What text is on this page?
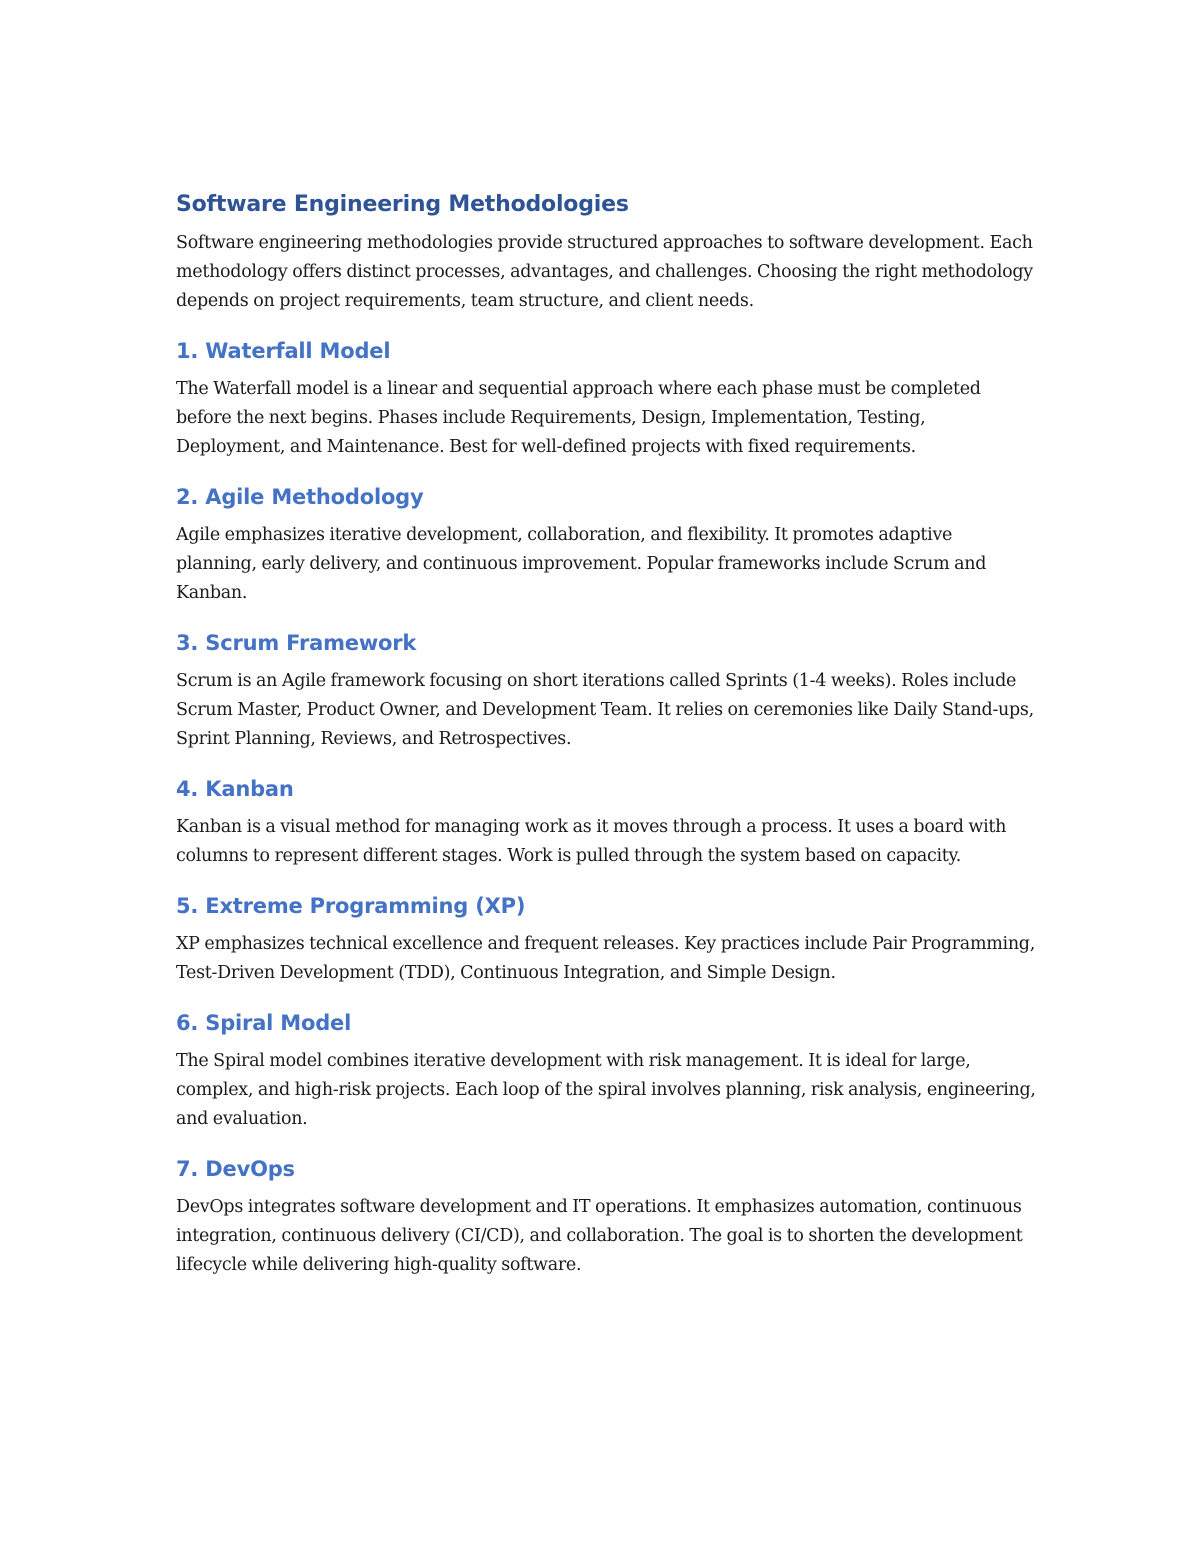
Software Engineering Methodologies

Software engineering methodologies provide structured approaches to software development. Each methodology offers distinct processes, advantages, and challenges. Choosing the right methodology depends on project requirements, team structure, and client needs.

1. Waterfall Model

The Waterfall model is a linear and sequential approach where each phase must be completed before the next begins. Phases include Requirements, Design, Implementation, Testing, Deployment, and Maintenance. Best for well-defined projects with fixed requirements.

2. Agile Methodology

Agile emphasizes iterative development, collaboration, and flexibility. It promotes adaptive planning, early delivery, and continuous improvement. Popular frameworks include Scrum and Kanban.

3. Scrum Framework

Scrum is an Agile framework focusing on short iterations called Sprints (1-4 weeks). Roles include Scrum Master, Product Owner, and Development Team. It relies on ceremonies like Daily Stand-ups, Sprint Planning, Reviews, and Retrospectives.

4. Kanban

Kanban is a visual method for managing work as it moves through a process. It uses a board with columns to represent different stages. Work is pulled through the system based on capacity.

5. Extreme Programming (XP)

XP emphasizes technical excellence and frequent releases. Key practices include Pair Programming, Test-Driven Development (TDD), Continuous Integration, and Simple Design.

6. Spiral Model

The Spiral model combines iterative development with risk management. It is ideal for large, complex, and high-risk projects. Each loop of the spiral involves planning, risk analysis, engineering, and evaluation.

7. DevOps

DevOps integrates software development and IT operations. It emphasizes automation, continuous integration, continuous delivery (CI/CD), and collaboration. The goal is to shorten the development lifecycle while delivering high-quality software.
